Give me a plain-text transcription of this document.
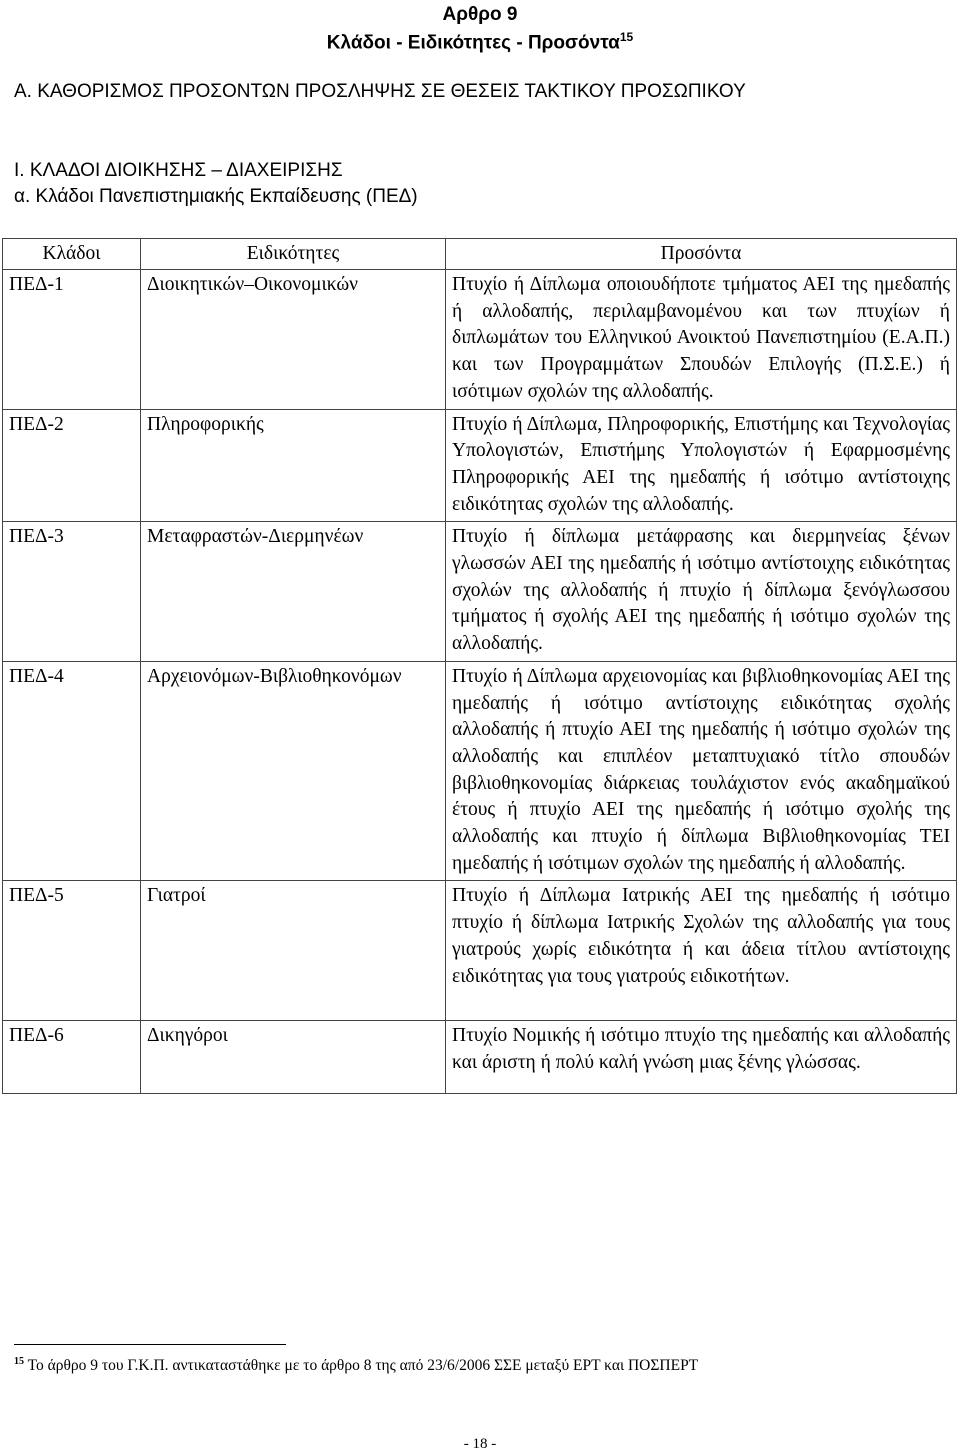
Αρθρο 9
Κλάδοι - Ειδικότητες - Προσόντα$^{15}$
Α. ΚΑΘΟΡΙΣΜΟΣ ΠΡΟΣΟΝΤΩΝ ΠΡΟΣΛΗΨΗΣ ΣΕ ΘΕΣΕΙΣ ΤΑΚΤΙΚΟΥ ΠΡΟΣΩΠΙΚΟΥ
Ι. ΚΛΑΔΟΙ ΔΙΟΙΚΗΣΗΣ – ΔΙΑΧΕΙΡΙΣΗΣ
α. Κλάδοι Πανεπιστημιακής Εκπαίδευσης (ΠΕΔ)
Κλάδοι	Ειδικότητες	Προσόντα
ΠΕΔ-1	Διοικητικών–Οικονομικών	Πτυχίο ή Δίπλωμα οποιουδήποτε τμήματος ΑΕΙ της ημεδαπής ή αλλοδαπής, περιλαμβανομένου και των πτυχίων ή διπλωμάτων του Ελληνικού Ανοικτού Πανεπιστημίου (Ε.Α.Π.) και των Προγραμμάτων Σπουδών Επιλογής (Π.Σ.Ε.) ή ισότιμων σχολών της αλλοδαπής.
ΠΕΔ-2	Πληροφορικής	Πτυχίο ή Δίπλωμα, Πληροφορικής, Επιστήμης και Τεχνολογίας Υπολογιστών, Επιστήμης Υπολογιστών ή Εφαρμοσμένης Πληροφορικής ΑΕΙ της ημεδαπής ή ισότιμο αντίστοιχης ειδικότητας σχολών της αλλοδαπής.
ΠΕΔ-3	Μεταφραστών-Διερμηνέων	Πτυχίο ή δίπλωμα μετάφρασης και διερμηνείας ξένων γλωσσών ΑΕΙ της ημεδαπής ή ισότιμο αντίστοιχης ειδικότητας σχολών της αλλοδαπής ή πτυχίο ή δίπλωμα ξενόγλωσσου τμήματος ή σχολής ΑΕΙ της ημεδαπής ή ισότιμο σχολών της αλλοδαπής.
ΠΕΔ-4	Αρχειονόμων-Βιβλιοθηκονόμων	Πτυχίο ή Δίπλωμα αρχειονομίας και βιβλιοθηκονομίας ΑΕΙ της ημεδαπής ή ισότιμο αντίστοιχης ειδικότητας σχολής αλλοδαπής ή πτυχίο ΑΕΙ της ημεδαπής ή ισότιμο σχολών της αλλοδαπής και επιπλέον μεταπτυχιακό τίτλο σπουδών βιβλιοθηκονομίας διάρκειας τουλάχιστον ενός ακαδημαϊκού έτους ή πτυχίο ΑΕΙ της ημεδαπής ή ισότιμο σχολής της αλλοδαπής και πτυχίο ή δίπλωμα Βιβλιοθηκονομίας ΤΕΙ ημεδαπής ή ισότιμων σχολών της ημεδαπής ή αλλοδαπής.
ΠΕΔ-5	Γιατροί	Πτυχίο ή Δίπλωμα Ιατρικής ΑΕΙ της ημεδαπής ή ισότιμο πτυχίο ή δίπλωμα Ιατρικής Σχολών της αλλοδαπής για τους γιατρούς χωρίς ειδικότητα ή και άδεια τίτλου αντίστοιχης ειδικότητας για τους γιατρούς ειδικοτήτων.
ΠΕΔ-6	Δικηγόροι	Πτυχίο Νομικής ή ισότιμο πτυχίο της ημεδαπής και αλλοδαπής και άριστη ή πολύ καλή γνώση μιας ξένης γλώσσας.
$^{15}$ Το άρθρο 9 του Γ.Κ.Π. αντικαταστάθηκε με το άρθρο 8 της από 23/6/2006 ΣΣΕ μεταξύ ΕΡΤ και ΠΟΣΠΕΡΤ
- 18 -
